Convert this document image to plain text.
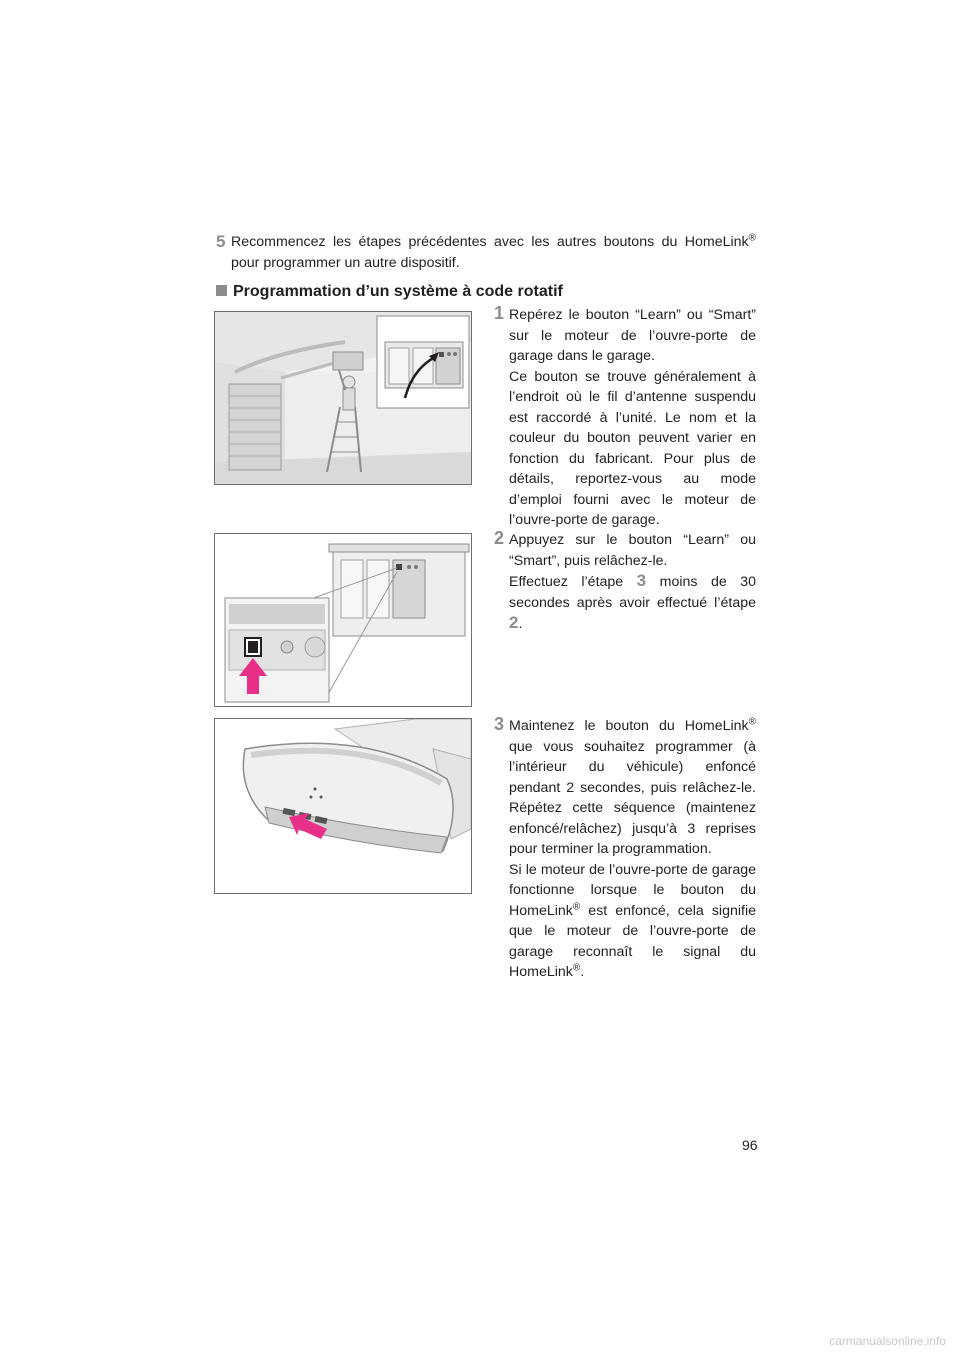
5 Recommencez les étapes précédentes avec les autres boutons du HomeLink® pour programmer un autre dispositif.
Programmation d’un système à code rotatif
1 Repérez le bouton “Learn” ou “Smart” sur le moteur de l’ouvre-porte de garage dans le garage.
Ce bouton se trouve généralement à l’endroit où le fil d’antenne suspendu est raccordé à l’unité. Le nom et la couleur du bouton peuvent varier en fonction du fabricant. Pour plus de détails, reportez-vous au mode d’emploi fourni avec le moteur de l’ouvre-porte de garage.
2 Appuyez sur le bouton “Learn” ou “Smart”, puis relâchez-le.
Effectuez l’étape 3 moins de 30 secondes après avoir effectué l’étape 2.
3 Maintenez le bouton du HomeLink® que vous souhaitez programmer (à l’intérieur du véhicule) enfoncé pendant 2 secondes, puis relâchez-le. Répétez cette séquence (maintenez enfoncé/relâchez) jusqu’à 3 reprises pour terminer la programmation.
Si le moteur de l’ouvre-porte de garage fonctionne lorsque le bouton du HomeLink® est enfoncé, cela signifie que le moteur de l’ouvre-porte de garage reconnaît le signal du HomeLink®.
96
carmanualsonline.info
